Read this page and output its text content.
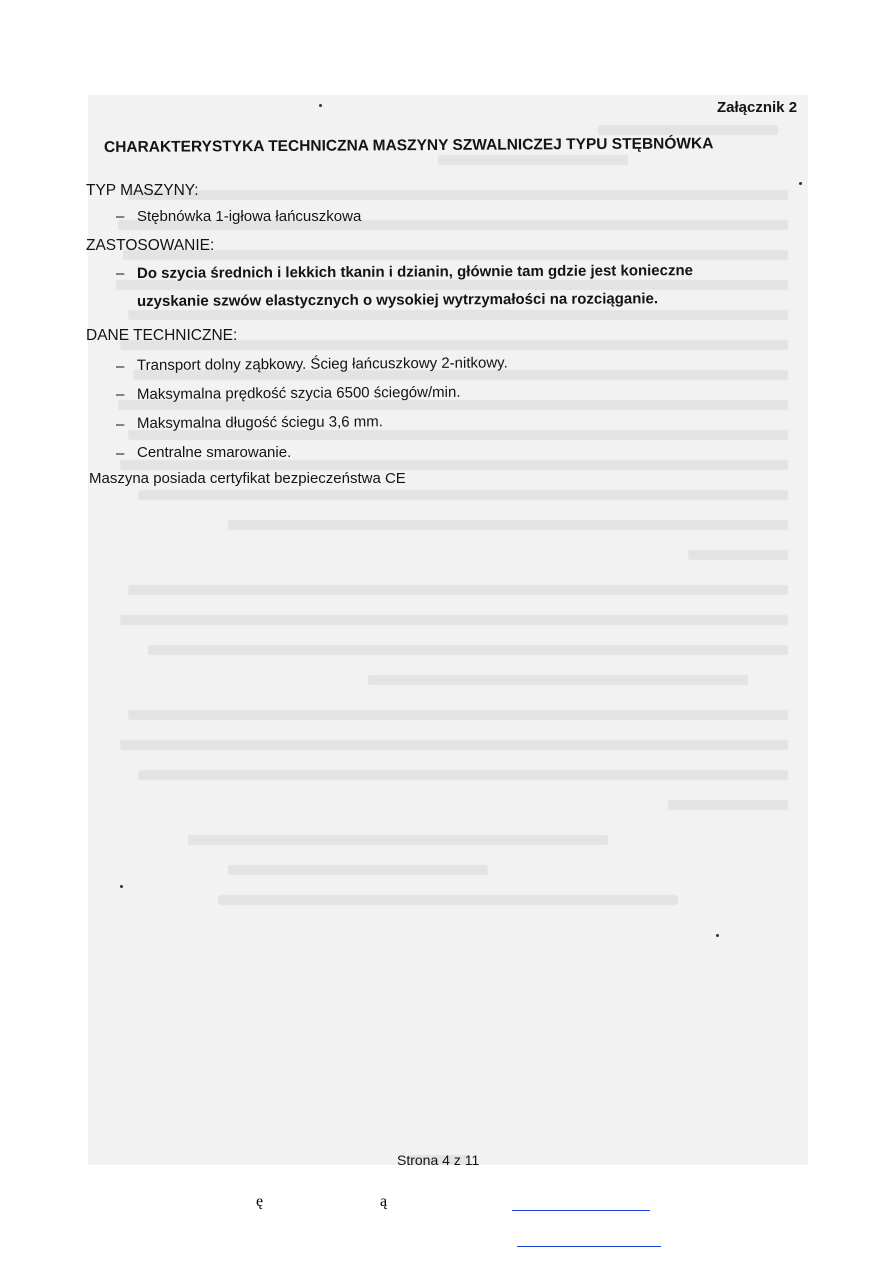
Załącznik 2
CHARAKTERYSTYKA TECHNICZNA MASZYNY SZWALNICZEJ TYPU STĘBNÓWKA
TYP MASZYNY:
– Stębnówka 1-igłowa łańcuszkowa
ZASTOSOWANIE:
– Do szycia średnich i lekkich tkanin i dzianin, głównie tam gdzie jest konieczne
uzyskanie szwów elastycznych o wysokiej wytrzymałości na rozciąganie.
DANE TECHNICZNE:
– Transport dolny ząbkowy. Ścieg łańcuszkowy 2-nitkowy.
– Maksymalna prędkość szycia 6500 ściegów/min.
– Maksymalna długość ściegu 3,6 mm.
– Centralne smarowanie.
Maszyna posiada certyfikat bezpieczeństwa CE
Strona 4 z 11
ę	ą
